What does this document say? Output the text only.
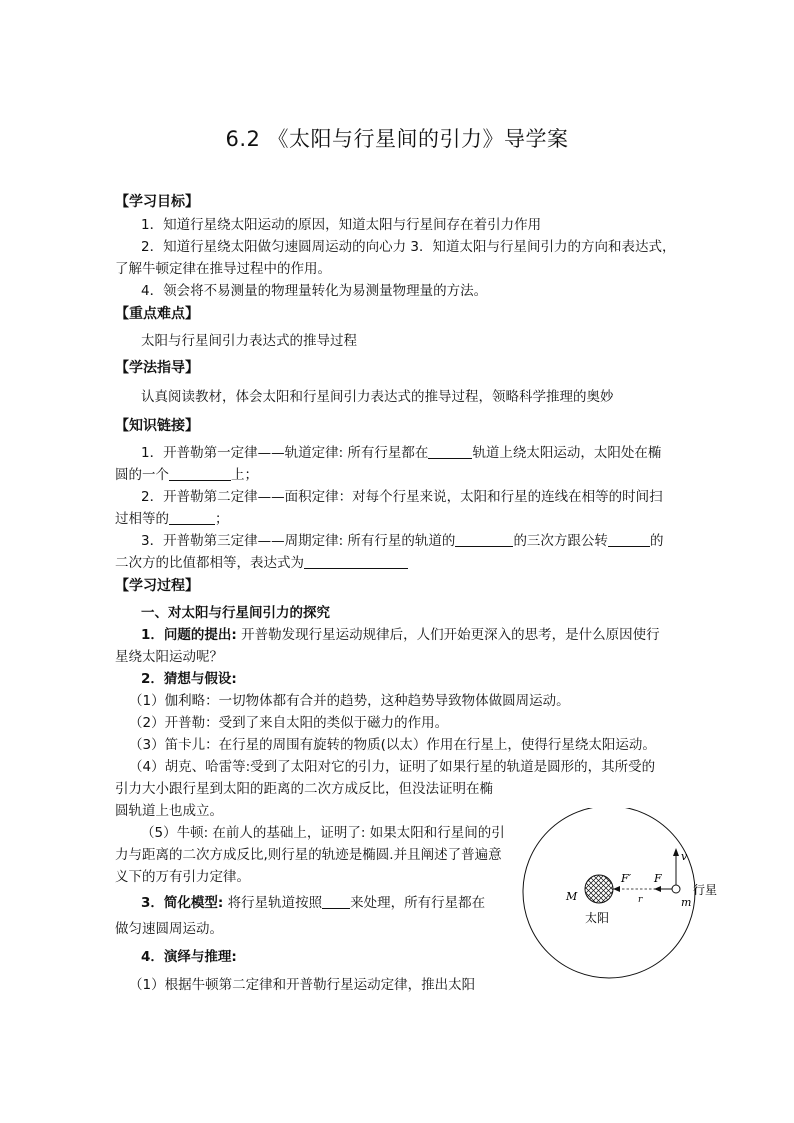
6.2 《太阳与行星间的引力》导学案

【学习目标】

1．知道行星绕太阳运动的原因，知道太阳与行星间存在着引力作用

2．知道行星绕太阳做匀速圆周运动的向心力 3．知道太阳与行星间引力的方向和表达式，

了解牛顿定律在推导过程中的作用。

4．领会将不易测量的物理量转化为易测量物理量的方法。

【重点难点】

太阳与行星间引力表达式的推导过程

【学法指导】

认真阅读教材，体会太阳和行星间引力表达式的推导过程，领略科学推理的奥妙

【知识链接】

1．开普勒第一定律——轨道定律: 所有行星都在	轨道上绕太阳运动，太阳处在椭

圆的一个	上；

2．开普勒第二定律——面积定律：对每个行星来说，太阳和行星的连线在相等的时间扫

过相等的	；

3．开普勒第三定律——周期定律: 所有行星的轨道的	的三次方跟公转	的

二次方的比值都相等，表达式为

【学习过程】

一、对太阳与行星间引力的探究

1．问题的提出: 开普勒发现行星运动规律后，人们开始更深入的思考，是什么原因使行

星绕太阳运动呢？

2．猜想与假设:

（1）伽利略：一切物体都有合并的趋势，这种趋势导致物体做圆周运动。

（2）开普勒：受到了来自太阳的类似于磁力的作用。

（3）笛卡儿：在行星的周围有旋转的物质(以太）作用在行星上，使得行星绕太阳运动。

（4）胡克、哈雷等:受到了太阳对它的引力，证明了如果行星的轨道是圆形的，其所受的

引力大小跟行星到太阳的距离的二次方成反比，但没法证明在椭

圆轨道上也成立。

（5）牛顿: 在前人的基础上，证明了: 如果太阳和行星间的引力与距离的二次方成反比,则行星的轨迹是椭圆.并且阐述了普遍意义下的万有引力定律。

3．简化模型: 将行星轨道按照 来处理，所有行星都在

做匀速圆周运动。

4．演绎与推理:

（1）根据牛顿第二定律和开普勒行星运动定律，推出太阳

v
F′ F
r
M	m
太阳
行星
